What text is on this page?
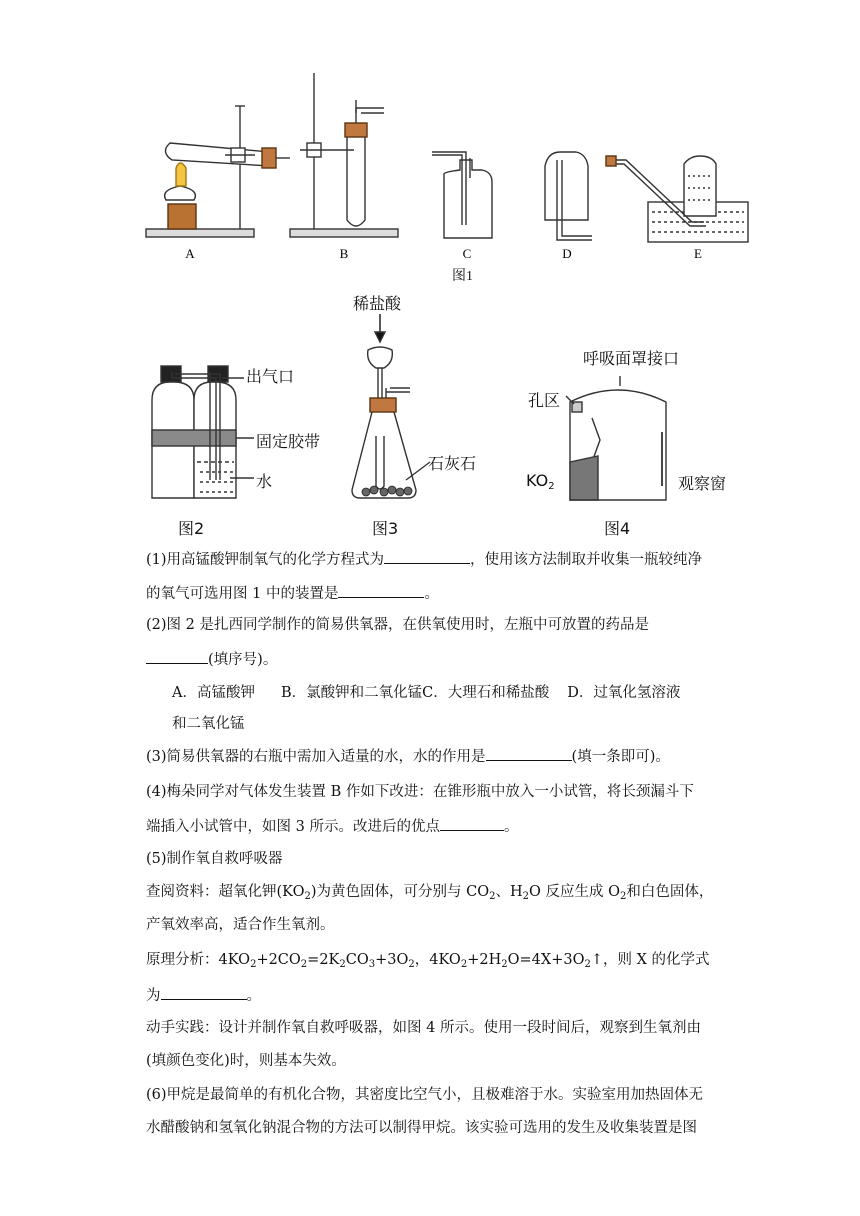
A	B	C	D	E
图1
出气口
固定胶带
水
图2
稀盐酸
石灰石
图3
呼吸面罩接口
孔区
$KO_2$	观察窗
图4
(1)用高锰酸钾制氧气的化学方程式为	，使用该方法制取并收集一瓶较纯净
的氧气可选用图 1 中的装置是	。
(2)图 2 是扎西同学制作的简易供氧器，在供氧使用时，左瓶中可放置的药品是
(填序号)。
A．高锰酸钾 B．氯酸钾和二氧化锰C．大理石和稀盐酸 D．过氧化氢溶液
和二氧化锰
(3)简易供氧器的右瓶中需加入适量的水，水的作用是	(填一条即可)。
(4)梅朵同学对气体发生装置 B 作如下改进：在锥形瓶中放入一小试管，将长颈漏斗下
端插入小试管中，如图 3 所示。改进后的优点	。
(5)制作氧自救呼吸器
查阅资料：超氧化钾$(KO_2)$为黄色固体，可分别与 $CO_2$、$H_2O$ 反应生成 $O_2$和白色固体，
产氧效率高，适合作生氧剂。
原理分析：$4KO_2+2CO_2=2K_2CO_3+3O_2$，$4KO_2+2H_2O=4X+3O_2↑$，则 X 的化学式
为	。
动手实践：设计并制作氧自救呼吸器，如图 4 所示。使用一段时间后，观察到生氧剂由
(填颜色变化)时，则基本失效。
(6)甲烷是最简单的有机化合物，其密度比空气小，且极难溶于水。实验室用加热固体无
水醋酸钠和氢氧化钠混合物的方法可以制得甲烷。该实验可选用的发生及收集装置是图
